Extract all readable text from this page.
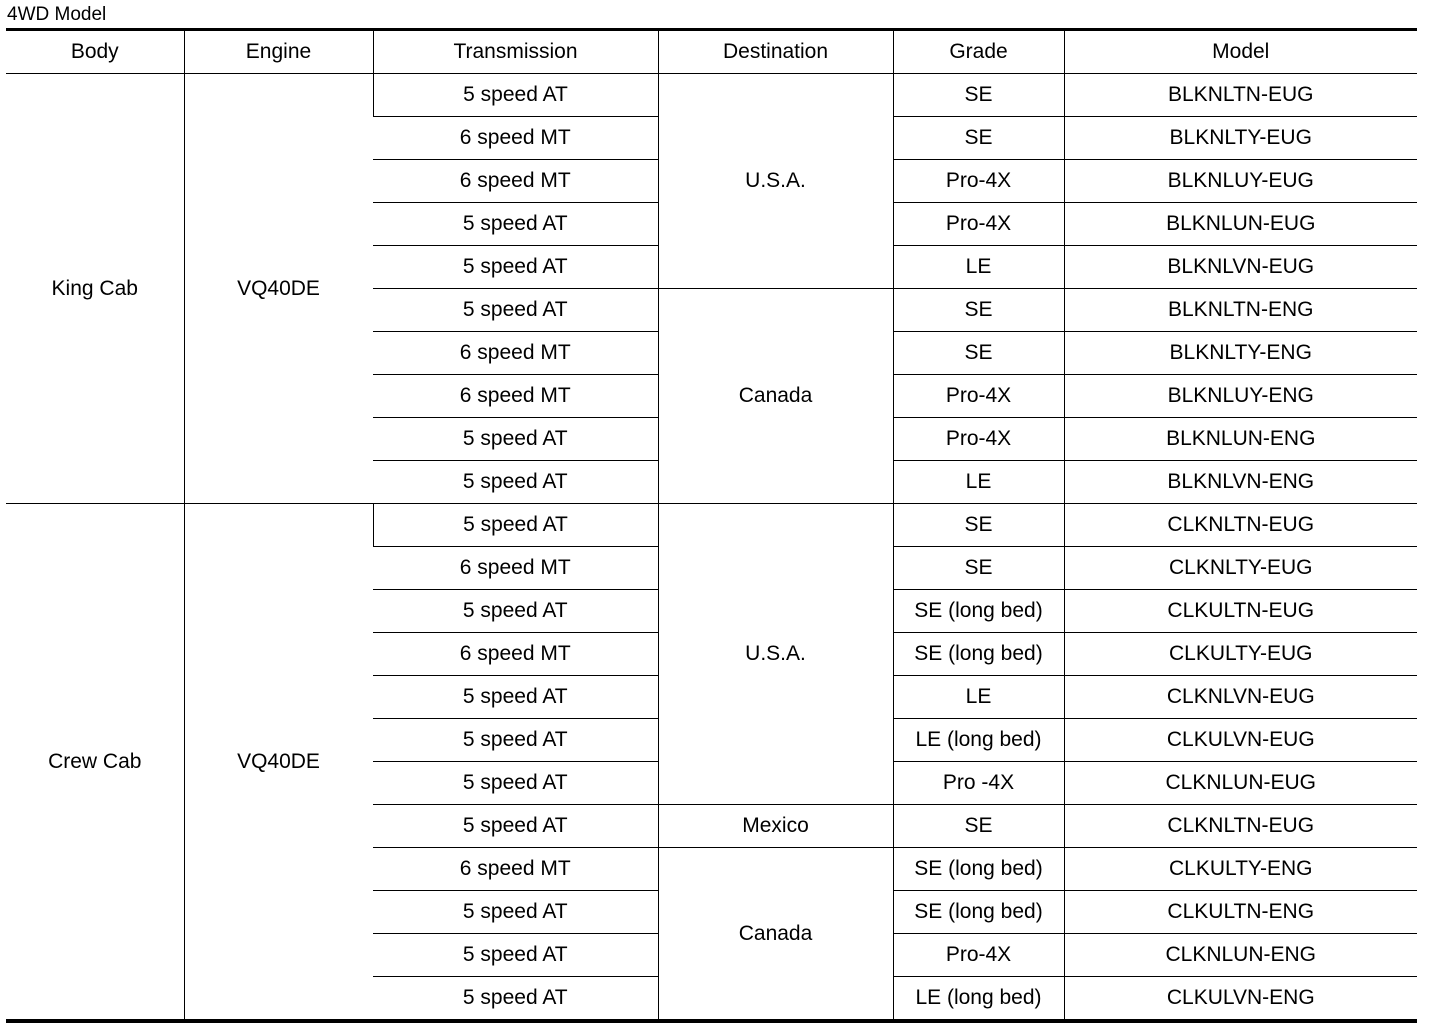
4WD Model
Body	Engine	Transmission	Destination	Grade	Model
King Cab	VQ40DE	5 speed AT	U.S.A.	SE	BLKNLTN-EUG
		6 speed MT		SE	BLKNLTY-EUG
		6 speed MT		Pro-4X	BLKNLUY-EUG
		5 speed AT		Pro-4X	BLKNLUN-EUG
		5 speed AT		LE	BLKNLVN-EUG
		5 speed AT	Canada	SE	BLKNLTN-ENG
		6 speed MT		SE	BLKNLTY-ENG
		6 speed MT		Pro-4X	BLKNLUY-ENG
		5 speed AT		Pro-4X	BLKNLUN-ENG
		5 speed AT		LE	BLKNLVN-ENG
Crew Cab	VQ40DE	5 speed AT	U.S.A.	SE	CLKNLTN-EUG
		6 speed MT		SE	CLKNLTY-EUG
		5 speed AT		SE (long bed)	CLKULTN-EUG
		6 speed MT		SE (long bed)	CLKULTY-EUG
		5 speed AT		LE	CLKNLVN-EUG
		5 speed AT		LE (long bed)	CLKULVN-EUG
		5 speed AT		Pro -4X	CLKNLUN-EUG
		5 speed AT	Mexico	SE	CLKNLTN-EUG
		6 speed MT	Canada	SE (long bed)	CLKULTY-ENG
		5 speed AT		SE (long bed)	CLKULTN-ENG
		5 speed AT		Pro-4X	CLKNLUN-ENG
		5 speed AT		LE (long bed)	CLKULVN-ENG
